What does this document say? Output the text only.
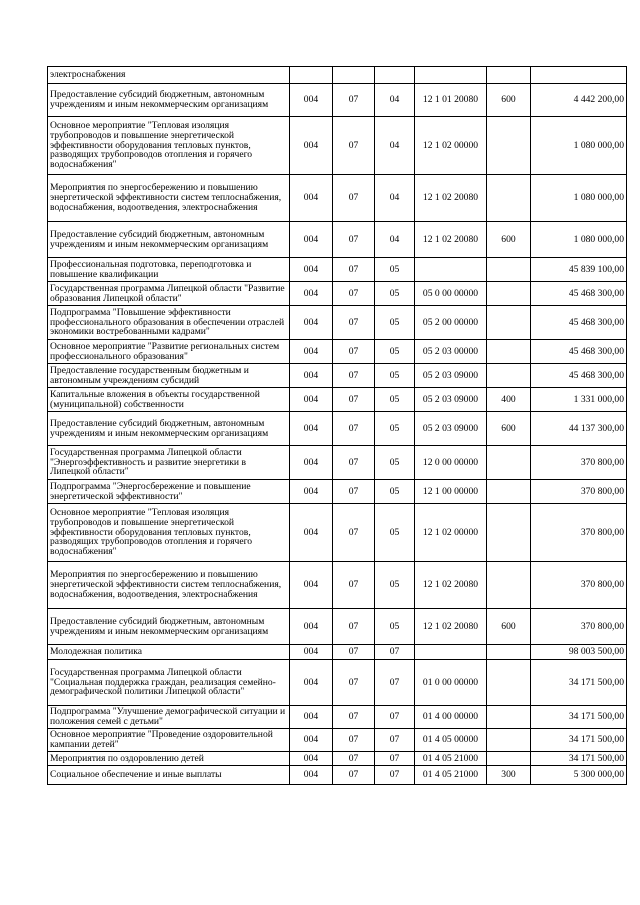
электроснабжения						
Предоставление субсидий бюджетным, автономным учреждениям и иным некоммерческим организациям	004	07	04	12 1 01 20080	600	4 442 200,00
Основное мероприятие "Тепловая изоляция трубопроводов и повышение энергетической эффективности оборудования тепловых пунктов, разводящих трубопроводов отопления и горячего водоснабжения"	004	07	04	12 1 02 00000		1 080 000,00
Мероприятия по энергосбережению и повышению энергетической эффективности систем теплоснабжения, водоснабжения, водоотведения, электроснабжения	004	07	04	12 1 02 20080		1 080 000,00
Предоставление субсидий бюджетным, автономным учреждениям и иным некоммерческим организациям	004	07	04	12 1 02 20080	600	1 080 000,00
Профессиональная подготовка, переподготовка и повышение квалификации	004	07	05			45 839 100,00
Государственная программа Липецкой области "Развитие образования Липецкой области"	004	07	05	05 0 00 00000		45 468 300,00
Подпрограмма "Повышение эффективности профессионального образования в обеспечении отраслей экономики востребованными кадрами"	004	07	05	05 2 00 00000		45 468 300,00
Основное мероприятие "Развитие региональных систем профессионального образования"	004	07	05	05 2 03 00000		45 468 300,00
Предоставление государственным бюджетным и автономным учреждениям субсидий	004	07	05	05 2 03 09000		45 468 300,00
Капитальные вложения в объекты государственной (муниципальной) собственности	004	07	05	05 2 03 09000	400	1 331 000,00
Предоставление субсидий бюджетным, автономным учреждениям и иным некоммерческим организациям	004	07	05	05 2 03 09000	600	44 137 300,00
Государственная программа Липецкой области "Энергоэффективность и развитие энергетики в Липецкой области"	004	07	05	12 0 00 00000		370 800,00
Подпрограмма "Энергосбережение и повышение энергетической эффективности"	004	07	05	12 1 00 00000		370 800,00
Основное мероприятие "Тепловая изоляция трубопроводов и повышение энергетической эффективности оборудования тепловых пунктов, разводящих трубопроводов отопления и горячего водоснабжения"	004	07	05	12 1 02 00000		370 800,00
Мероприятия по энергосбережению и повышению энергетической эффективности систем теплоснабжения, водоснабжения, водоотведения, электроснабжения	004	07	05	12 1 02 20080		370 800,00
Предоставление субсидий бюджетным, автономным учреждениям и иным некоммерческим организациям	004	07	05	12 1 02 20080	600	370 800,00
Молодежная политика	004	07	07			98 003 500,00
Государственная программа Липецкой области "Социальная поддержка граждан, реализация семейно-демографической политики Липецкой области"	004	07	07	01 0 00 00000		34 171 500,00
Подпрограмма "Улучшение демографической ситуации и положения семей с детьми"	004	07	07	01 4 00 00000		34 171 500,00
Основное мероприятие "Проведение оздоровительной кампании детей"	004	07	07	01 4 05 00000		34 171 500,00
Мероприятия по оздоровлению детей	004	07	07	01 4 05 21000		34 171 500,00
Социальное обеспечение и иные выплаты	004	07	07	01 4 05 21000	300	5 300 000,00
